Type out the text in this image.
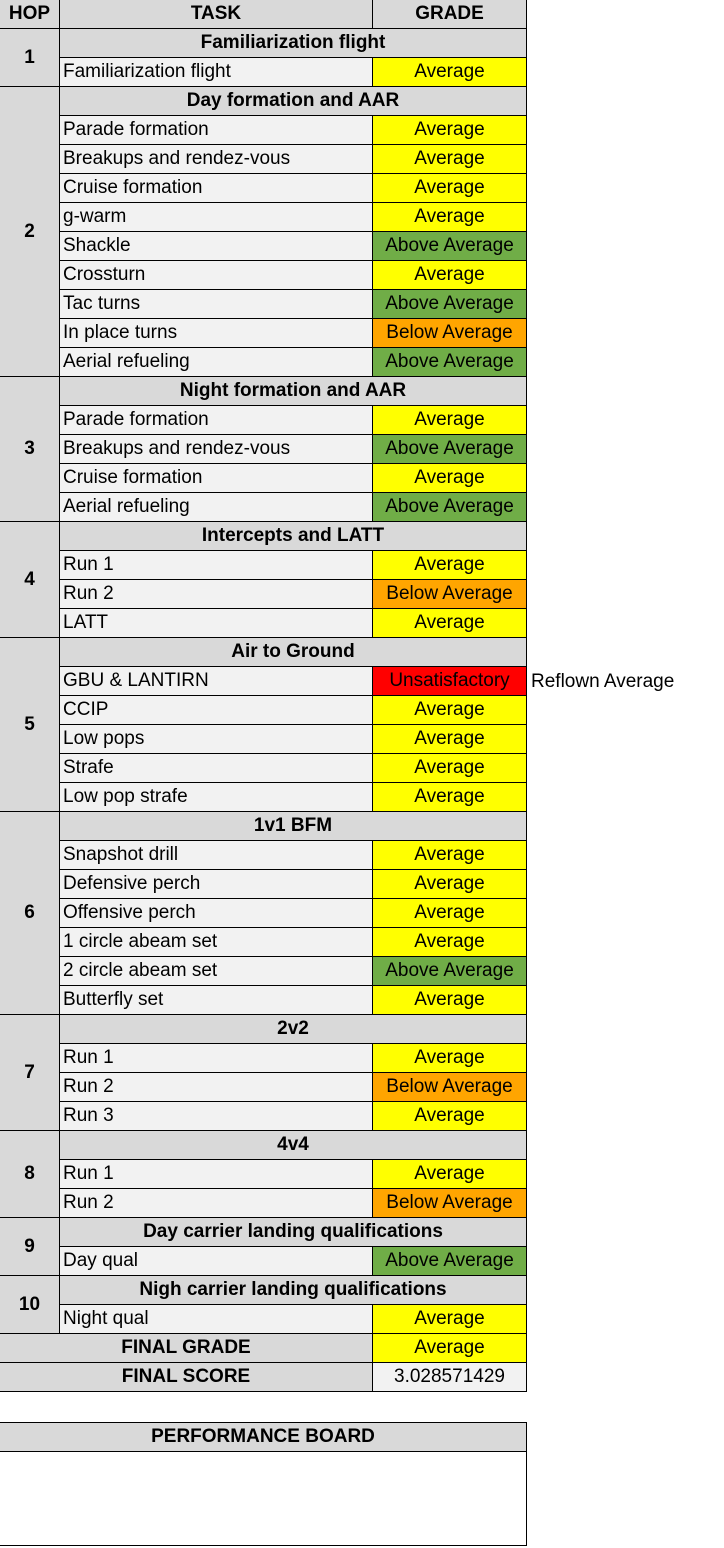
HOP	TASK	GRADE
1
Familiarization flight
Familiarization flight	Average
2
Day formation and AAR
Parade formation	Average
Breakups and rendez-vous	Average
Cruise formation	Average
g-warm	Average
Shackle	Above Average
Crossturn	Average
Tac turns	Above Average
In place turns	Below Average
Aerial refueling	Above Average
3
Night formation and AAR
Parade formation	Average
Breakups and rendez-vous	Above Average
Cruise formation	Average
Aerial refueling	Above Average
4
Intercepts and LATT
Run 1	Average
Run 2	Below Average
LATT	Average
5
Air to Ground
GBU & LANTIRN	Unsatisfactory	Reflown Average
CCIP	Average
Low pops	Average
Strafe	Average
Low pop strafe	Average
6
1v1 BFM
Snapshot drill	Average
Defensive perch	Average
Offensive perch	Average
1 circle abeam set	Average
2 circle abeam set	Above Average
Butterfly set	Average
7
2v2
Run 1	Average
Run 2	Below Average
Run 3	Average
8
4v4
Run 1	Average
Run 2	Below Average
9
Day carrier landing qualifications
Day qual	Above Average
10
Nigh carrier landing qualifications
Night qual	Average
FINAL GRADE	Average
FINAL SCORE	3.028571429
PERFORMANCE BOARD
